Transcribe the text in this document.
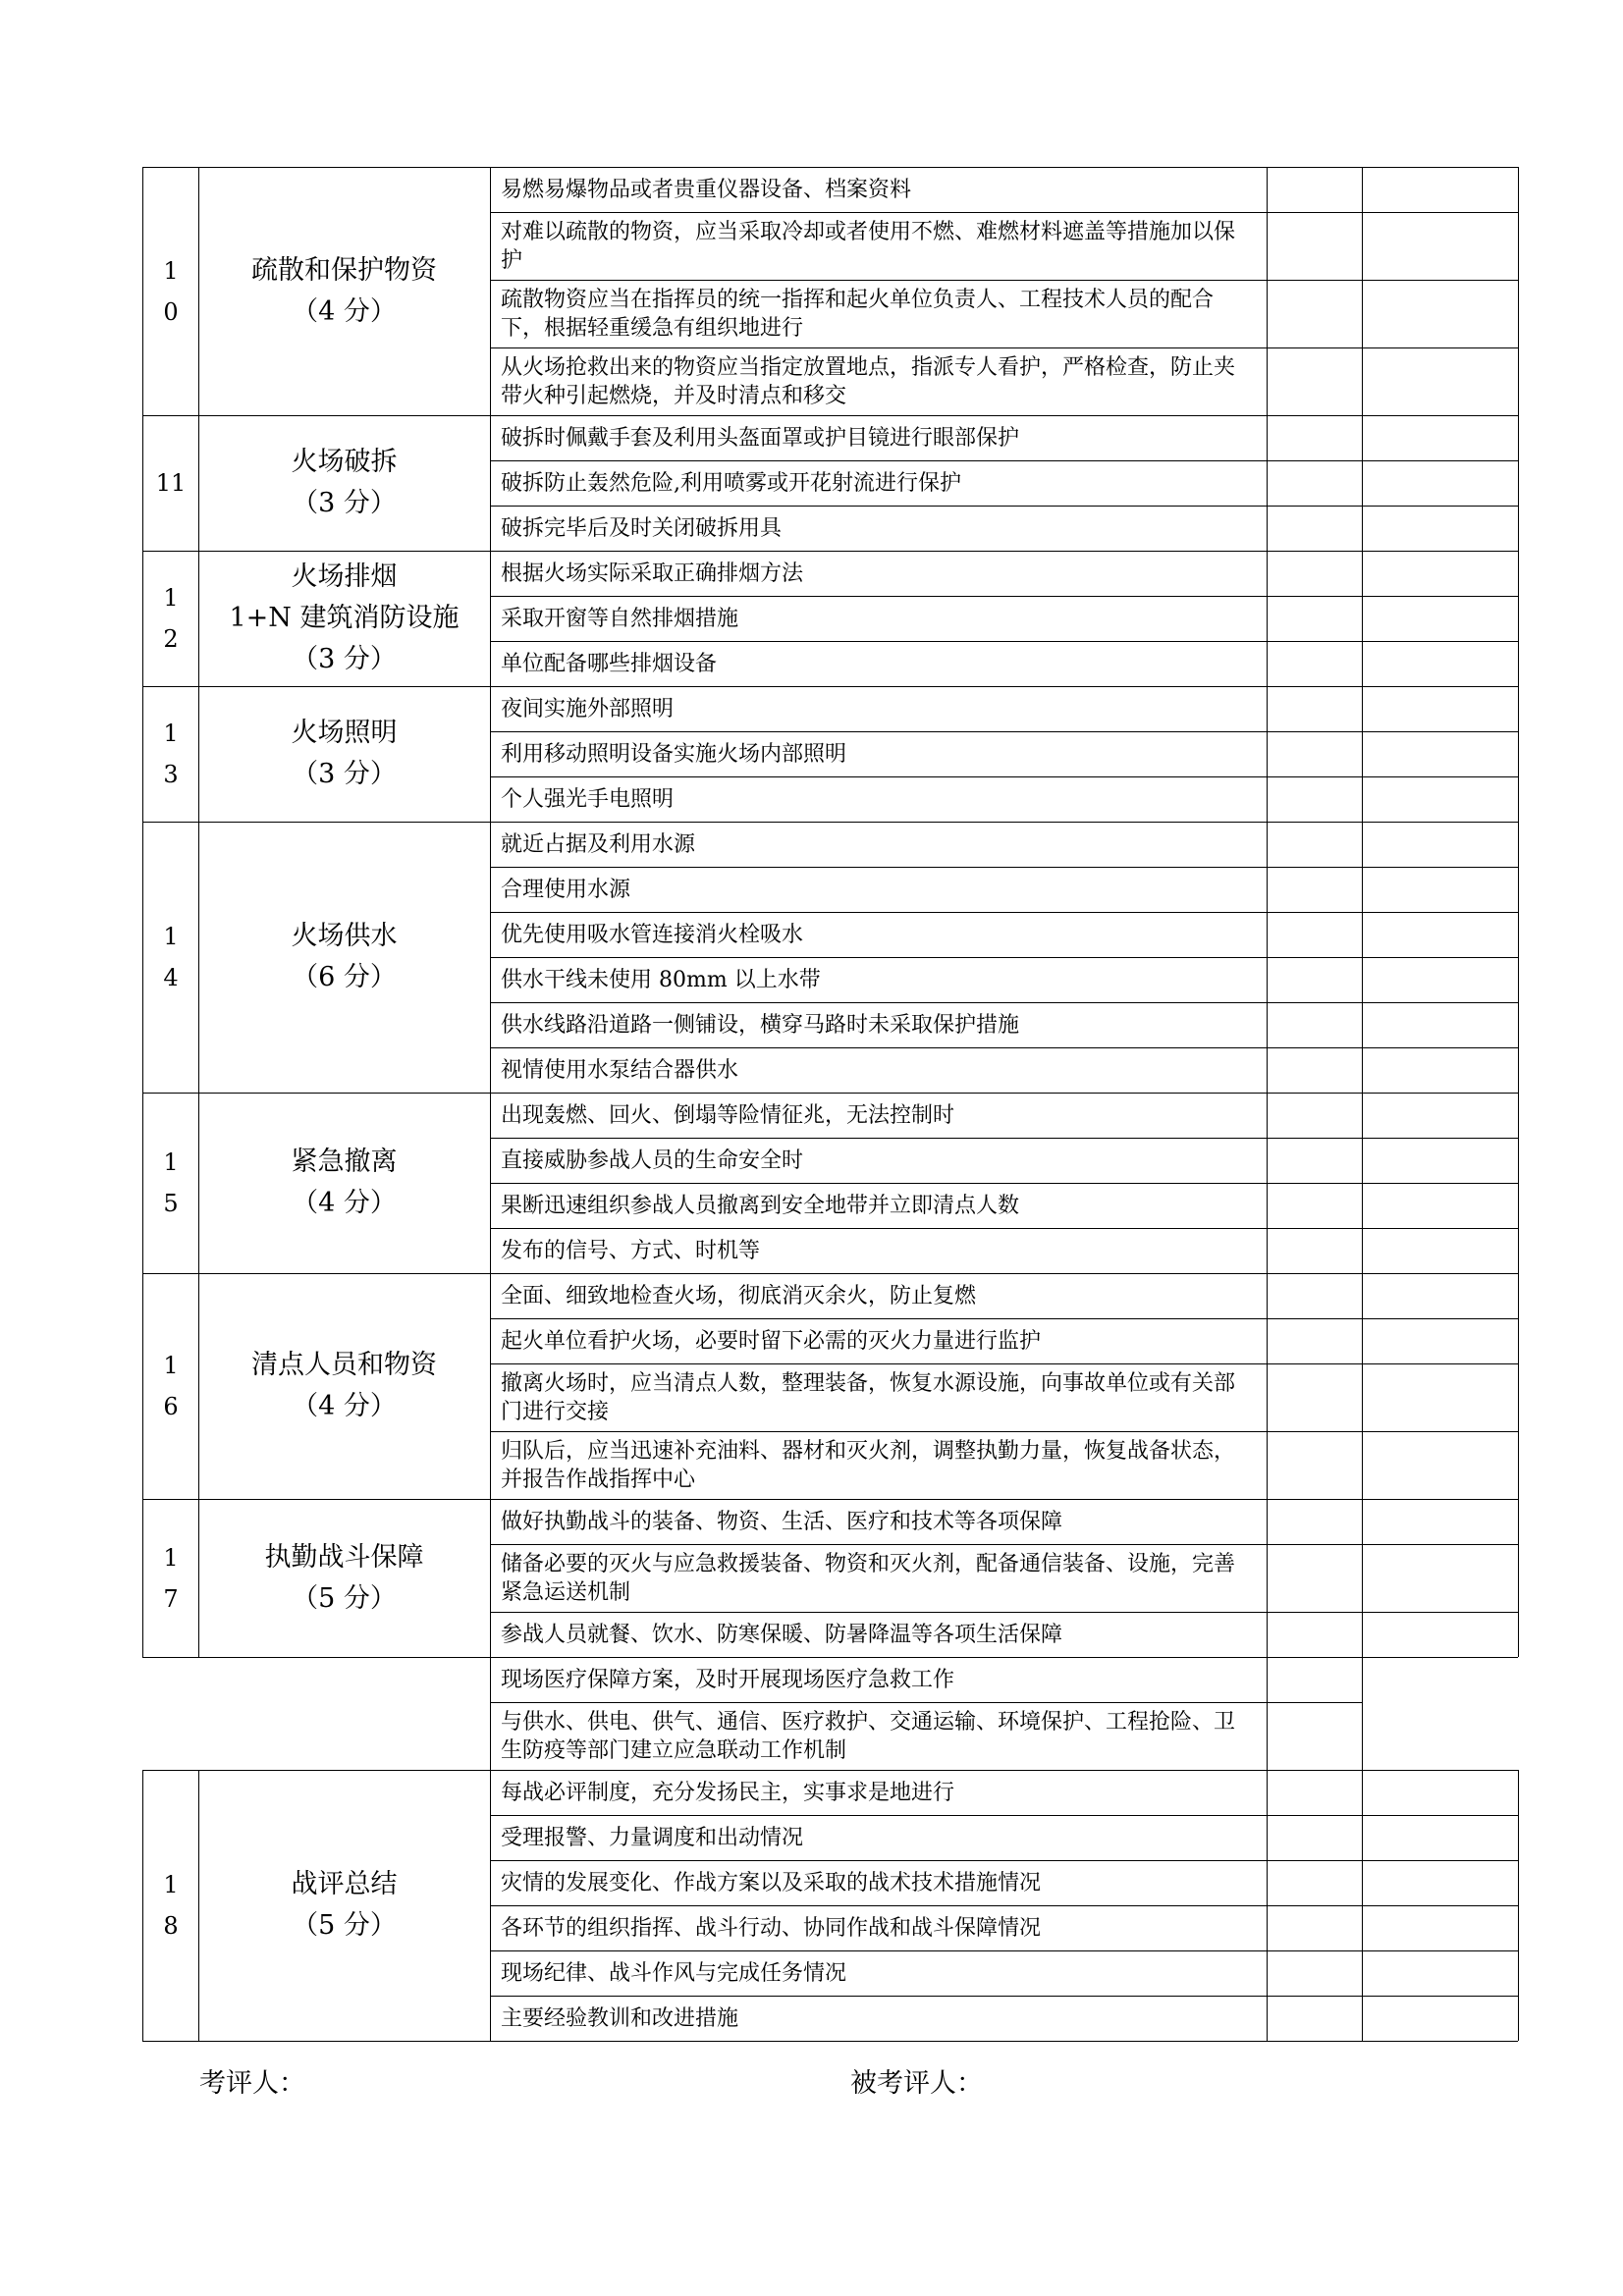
1
0
疏散和保护物资
（4 分）
易燃易爆物品或者贵重仪器设备、档案资料
对难以疏散的物资，应当采取冷却或者使用不燃、难燃材料遮盖等措施加以保护
疏散物资应当在指挥员的统一指挥和起火单位负责人、工程技术人员的配合下，根据轻重缓急有组织地进行
从火场抢救出来的物资应当指定放置地点，指派专人看护，严格检查，防止夹带火种引起燃烧，并及时清点和移交
11
火场破拆
（3 分）
破拆时佩戴手套及利用头盔面罩或护目镜进行眼部保护
破拆防止轰然危险,利用喷雾或开花射流进行保护
破拆完毕后及时关闭破拆用具
1
2
火场排烟
1+N 建筑消防设施
（3 分）
根据火场实际采取正确排烟方法
采取开窗等自然排烟措施
单位配备哪些排烟设备
1
3
火场照明
（3 分）
夜间实施外部照明
利用移动照明设备实施火场内部照明
个人强光手电照明
1
4
火场供水
（6 分）
就近占据及利用水源
合理使用水源
优先使用吸水管连接消火栓吸水
供水干线未使用 80mm 以上水带
供水线路沿道路一侧铺设，横穿马路时未采取保护措施
视情使用水泵结合器供水
1
5
紧急撤离
（4 分）
出现轰燃、回火、倒塌等险情征兆，无法控制时
直接威胁参战人员的生命安全时
果断迅速组织参战人员撤离到安全地带并立即清点人数
发布的信号、方式、时机等
1
6
清点人员和物资
（4 分）
全面、细致地检查火场，彻底消灭余火，防止复燃
起火单位看护火场，必要时留下必需的灭火力量进行监护
撤离火场时，应当清点人数，整理装备，恢复水源设施，向事故单位或有关部门进行交接
归队后，应当迅速补充油料、器材和灭火剂，调整执勤力量，恢复战备状态，并报告作战指挥中心
1
7
执勤战斗保障
（5 分）
做好执勤战斗的装备、物资、生活、医疗和技术等各项保障
储备必要的灭火与应急救援装备、物资和灭火剂，配备通信装备、设施，完善紧急运送机制
参战人员就餐、饮水、防寒保暖、防暑降温等各项生活保障
现场医疗保障方案，及时开展现场医疗急救工作
与供水、供电、供气、通信、医疗救护、交通运输、环境保护、工程抢险、卫生防疫等部门建立应急联动工作机制
1
8
战评总结
（5 分）
每战必评制度，充分发扬民主，实事求是地进行
受理报警、力量调度和出动情况
灾情的发展变化、作战方案以及采取的战术技术措施情况
各环节的组织指挥、战斗行动、协同作战和战斗保障情况
现场纪律、战斗作风与完成任务情况
主要经验教训和改进措施
考评人：	被考评人：
